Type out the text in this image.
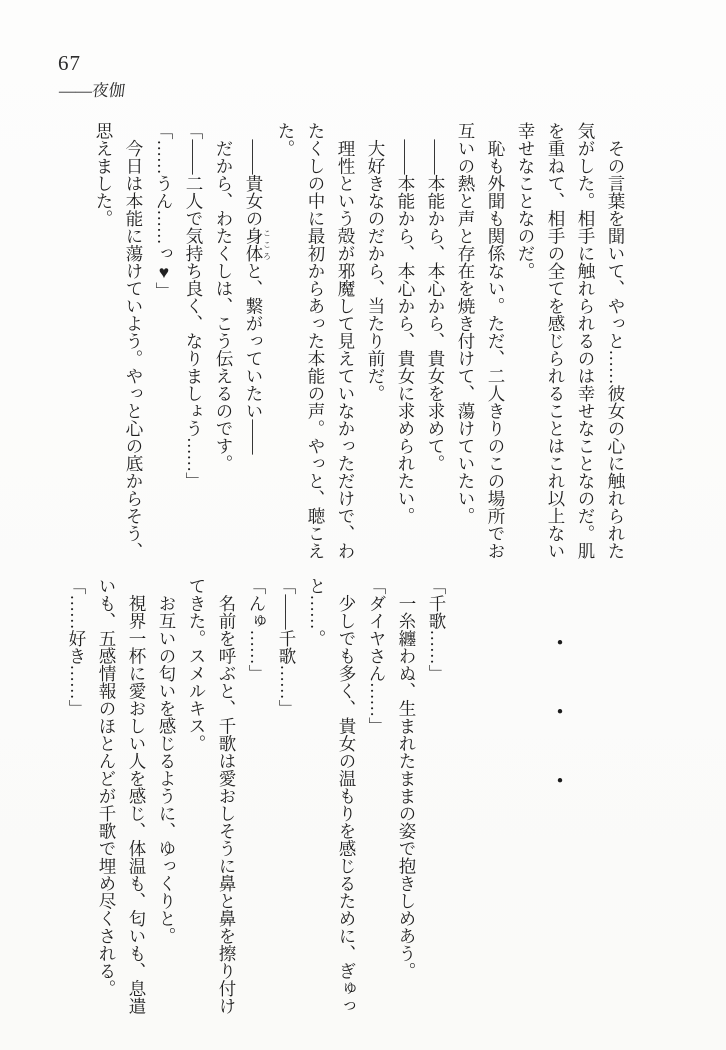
67
――夜伽
　その言葉を聞いて、やっと……彼女の心に触れられた
気がした。相手に触れられるのは幸せなことなのだ。肌
を重ねて、相手の全てを感じられることはこれ以上ない
幸せなことなのだ。
　恥も外聞も関係ない。ただ、二人きりのこの場所でお
互いの熱と声と存在を焼き付けて、蕩けていたい。
　――本能から、本心から、貴女を求めて。
　――本能から、本心から、貴女に求められたい。
　大好きなのだから、当たり前だ。
　理性という殻が邪魔して見えていなかっただけで、わ
たくしの中に最初からあった本能の声。やっと、聴こえ
た。
　――貴女の身体こころと、繋がっていたい――
　だから、わたくしは、こう伝えるのです。
「――二人で気持ち良く、なりましょう……」
「……うん……っ♥」
　今日は本能に蕩けていよう。やっと心の底からそう、
思えました。
・
・
・
「千歌……」
　一糸纏わぬ、生まれたままの姿で抱きしめあう。
「ダイヤさん……」
　少しでも多く、貴女の温もりを感じるために、ぎゅっ
と……。
「――千歌……」
「んゅ……」
　名前を呼ぶと、千歌は愛おしそうに鼻と鼻を擦り付け
てきた。スメルキス。
　お互いの匂いを感じるように、ゆっくりと。
　視界一杯に愛おしい人を感じ、体温も、匂いも、息遣
いも、五感情報のほとんどが千歌で埋め尽くされる。
「……好き……」
